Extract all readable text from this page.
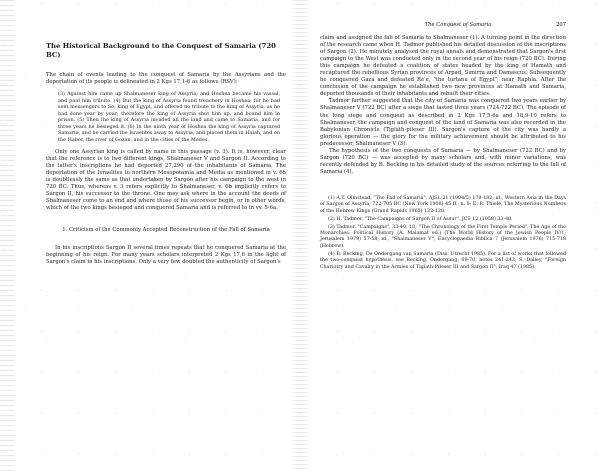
The Historical Background to the Conquest of Samaria (720 BC)

The chain of events leading to the conquest of Samaria by the Assyrians and the deportation of its people is delineated in 2 Kgs 17,1-6 as follows (RSV):

(3) Against him came up Shalmaneser king of Assyria; and Hoshea became his vassal, and paid him tribute. (4) But the king of Assyria found treachery in Hoshea; for he had sent messengers to So, king of Egypt, and offered no tribute to the king of Assyria, as he had done year by year; therefore the king of Assyria shut him up, and bound him in prison. (5) Then the king of Assyria invaded all the land and came to Samaria, and for three years he besieged it. (6) In the ninth year of Hoshea the king of Assyria captured Samaria, and he carried the Israelites away to Assyria, and placed them in Halah, and on the Habor, the river of Gozan, and in the cities of the Medes.

Only one Assyrian king is called by name in this passage (v. 3). It is, however, clear that the reference is to two different kings, Shalmaneser V and Sargon II. According to the latter's inscriptions he had deported 27,290 of the inhabitants of Samaria. The deportation of the Israelites to northern Mesopotamia and Media as mentioned in v. 6b is doubtlessly the same as that undertaken by Sargon after his campaign to the west in 720 BC. Thus, whereas v. 3 refers explicitly to Shalmaneser, v. 6b implicitly refers to Sargon II, his successor to the throne. One may ask where in the account the deeds of Shalmaneser come to an end and where those of his successor begin, or in other words, which of the two kings besieged and conquered Samaria and is referred to in vv. 5-6a.

1. Criticism of the Commonly Accepted Reconstruction of the Fall of Samaria

In his inscriptions Sargon II several times repeats that he conquered Samaria at the beginning of his reign. For many years scholars interpreted 2 Kgs 17,6 in the light of Sargon's claim in his inscriptions. Only a very few doubted the authenticity of Sargon's

The Conquest of Samaria	207

claim and assigned the fall of Samaria to Shalmaneser (1). A turning point in the direction of the research came when H. Tadmor published his detailed discussion of the inscriptions of Sargon (2). He minutely analysed the royal annals and demonstrated that Sargon's first campaign to the West was conducted only in the second year of his reign (720 BC). During this campaign he defeated a coalition of states headed by the king of Hamath and recaptured the rebellious Syrian provinces of Arpad, Simirra and Damascus. Subsequently he conquered Gaza and defeated Re'e, "the turtanu of Egypt", near Raphia. After the conclusion of the campaign he established two new provinces at Hamath and Samaria, deported thousands of their inhabitants and rebuilt their cities.

Tadmor further suggested that the city of Samaria was conquered two years earlier by Shalmaneser V (722 BC) after a siege that lasted three years (724-722 BC). The episode of the long siege and conquest as described in 2 Kgs 17,5-6a and 18,9-10 refers to Shalmaneser, the campaign and conquest of the land of Samaria was also recorded in the Babylonian Chronicle (Tiglath-pileser III). Sargon's capture of the city was hardly a glorious operation — the glory for the military achievement should be attributed to his predecessor, Shalmaneser V (3).

The hypothesis of the two conquests of Samaria — by Shalmaneser (722 BC) and by Sargon (720 BC) — was accepted by many scholars and, with minor variations, was recently defended by B. Becking in his detailed study of the sources referring to the fall of Samaria (4).

(1) A.T. Olmstead, "The Fall of Samaria", AJSL 21 (1904/5) 179-182; id., Western Asia in the Days of Sargon of Assyria, 722-705 BC (New York 1908) 45 ff., n. 9; E. R. Thiele, The Mysterious Numbers of the Hebrew Kings (Grand Rapids 1965) 122-128.

(2) H. Tadmor, "The Campaigns of Sargon II of Assur", JCS 12 (1958) 33-40.

(3) Tadmor, "Campaigns", 33-40, 18; "The Chronology of the First Temple Period", The Age of the Monarchies: Political History (A. Malamat ed.) (The World History of the Jewish People IV/1; Jerusalem 1979) 57-58; id., "Shalmaneser V", Encyclopaedia Biblica 7 (Jerusalem 1976) 715-718 (Hebrew).

(4) B. Becking, De Ondergang van Samaria (Diss. Utrecht 1985). For a list of works that followed the two-conquest hypothesis, see Becking, Ondergang, 69-70, notes 241-242; S. Dalley, "Foreign Chariotry and Cavalry in the Armies of Tiglath-Pileser III and Sargon II", Iraq 47 (1985).
